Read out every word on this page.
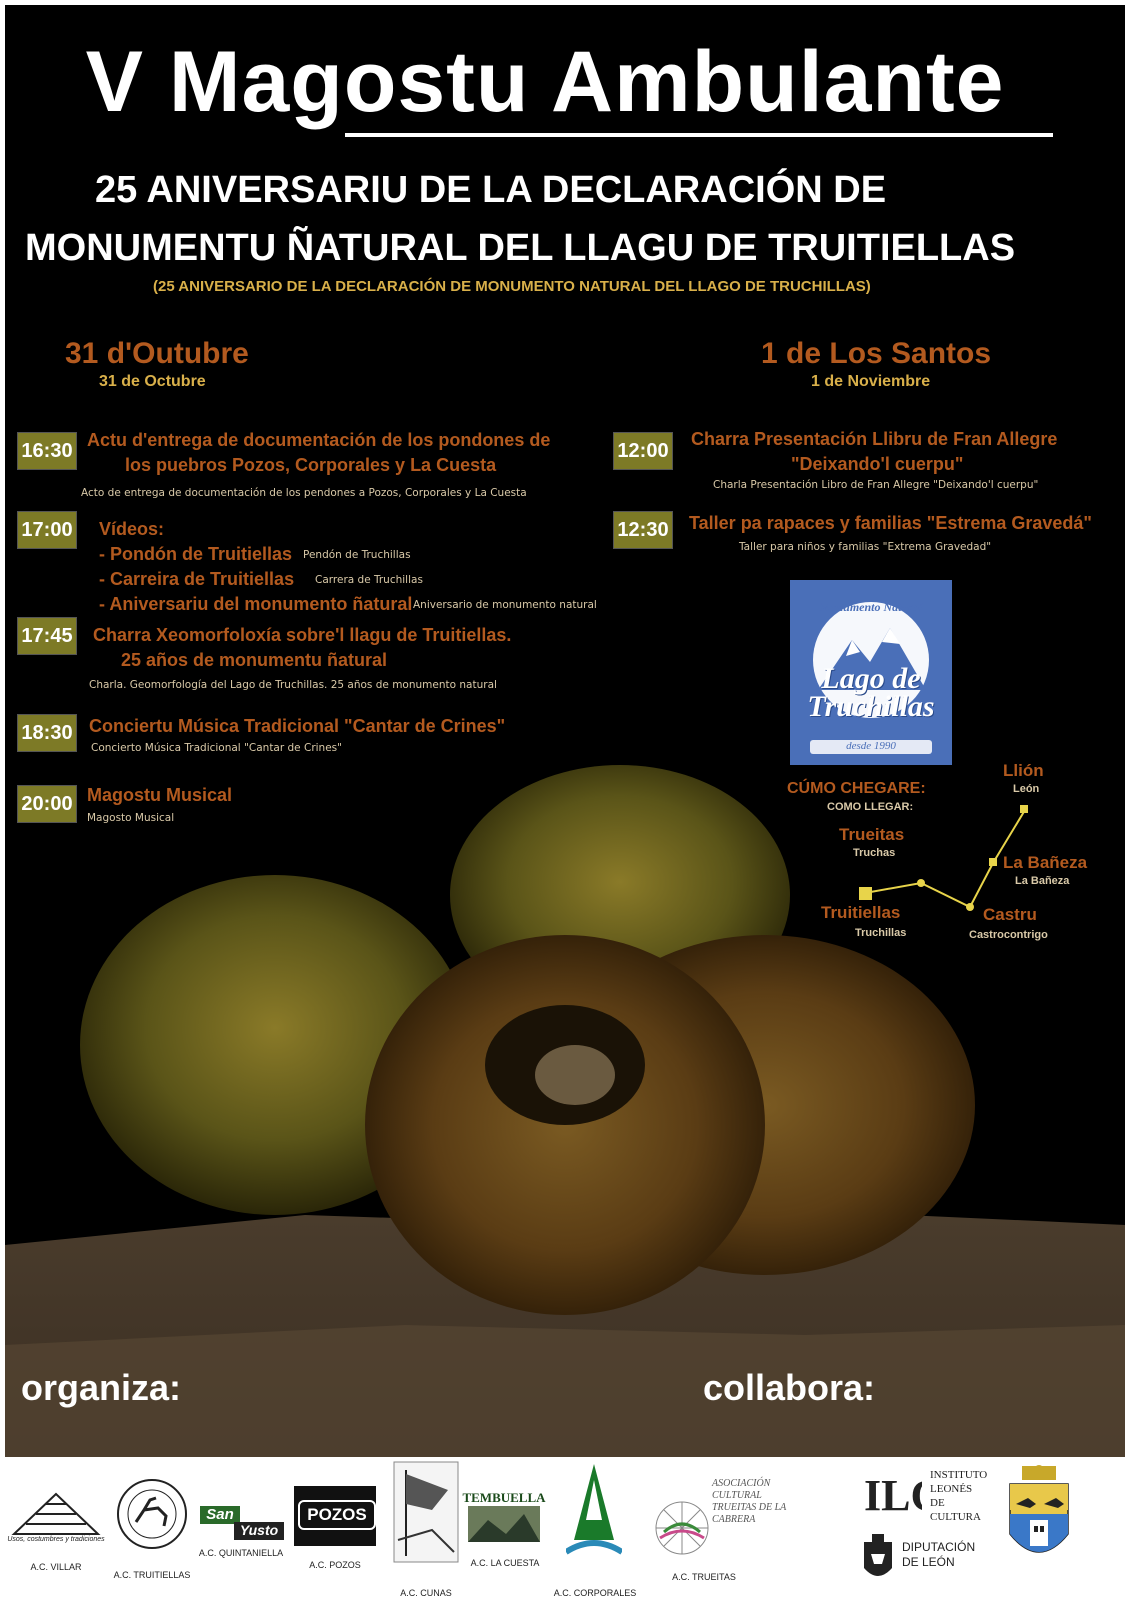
V Magostu Ambulante
25 ANIVERSARIU DE LA DECLARACIÓN DE
MONUMENTU ÑATURAL DEL LLAGU DE TRUITIELLAS
(25 ANIVERSARIO DE LA DECLARACIÓN DE MONUMENTO NATURAL DEL LLAGO DE TRUCHILLAS)
31 d'Outubre
31 de Octubre
16:30 Actu d'entrega de documentación de los pondones de
los puebros Pozos, Corporales y La Cuesta
Acto de entrega de documentación de los pendones a Pozos, Corporales y La Cuesta
17:00 Vídeos:
- Pondón de Truitiellas Pendón de Truchillas
- Carreira de Truitiellas Carrera de Truchillas
- Aniversariu del monumento ñatural Aniversario de monumento natural
17:45 Charra Xeomorfoloxía sobre'l llagu de Truitiellas.
25 años de monumentu ñatural
Charla. Geomorfología del Lago de Truchillas. 25 años de monumento natural
18:30 Conciertu Música Tradicional "Cantar de Crines"
Concierto Música Tradicional "Cantar de Crines"
20:00 Magostu Musical
Magosto Musical
1 de Los Santos
1 de Noviembre
12:00
Charra Presentación Llibru de Fran Allegre
"Deixando'l cuerpu"
Charla Presentación Libro de Fran Allegre "Deixando'l cuerpu"
12:30 Taller pa rapaces y familias "Estrema Gravedá"
Taller para niños y familias "Extrema Gravedad"
Monumento Natural
Lago de
Truchillas
desde 1990
CÚMO CHEGARE:
COMO LLEGAR:
Llión
León
Trueitas
Truchas	La Bañeza
La Bañeza
Truitiellas
Truchillas
Castru
Castrocontrigo
organiza:	collabora:
Usos, costumbres y tradiciones
A.C. VILLAR
A.C. TRUITIELLAS
San
Yusto
A.C. QUINTANIELLA
POZOS
A.C. POZOS
A.C. CUNAS
TEMBUELLA
A.C. LA CUESTA
A.C. CORPORALES
ASOCIACIÓN CULTURAL TRUEITAS DE LA CABRERA
A.C. TRUEITAS
IL	INSTITUTO
LEONÉS DE
CULTURA
DIPUTACIÓN
DE LEÓN
